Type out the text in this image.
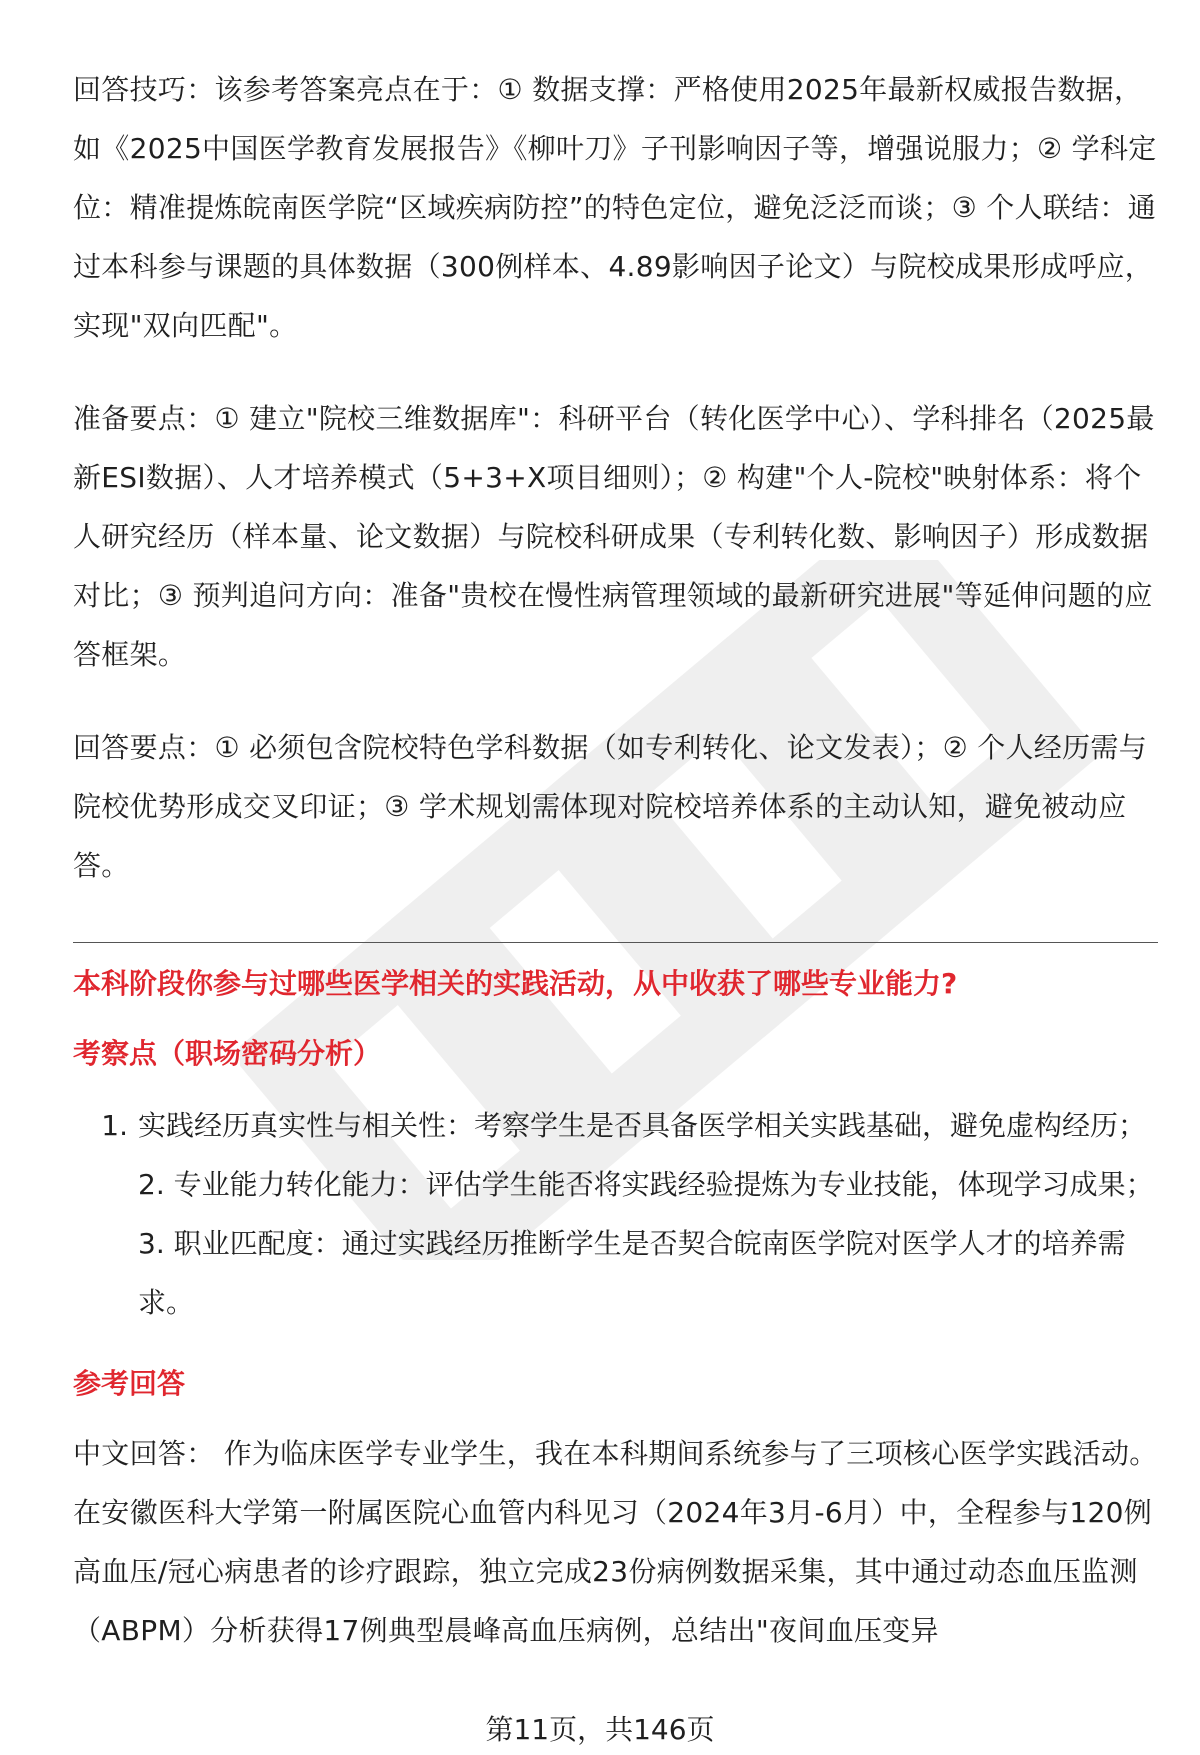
回答技巧：该参考答案亮点在于：① 数据支撑：严格使用2025年最新权威报告数据，如《2025中国医学教育发展报告》《柳叶刀》子刊影响因子等，增强说服力；② 学科定位：精准提炼皖南医学院“区域疾病防控”的特色定位，避免泛泛而谈；③ 个人联结：通过本科参与课题的具体数据（300例样本、4.89影响因子论文）与院校成果形成呼应，实现"双向匹配"。

准备要点：① 建立"院校三维数据库"：科研平台（转化医学中心）、学科排名（2025最新ESI数据）、人才培养模式（5+3+X项目细则）；② 构建"个人-院校"映射体系：将个人研究经历（样本量、论文数据）与院校科研成果（专利转化数、影响因子）形成数据对比；③ 预判追问方向：准备"贵校在慢性病管理领域的最新研究进展"等延伸问题的应答框架。

回答要点：① 必须包含院校特色学科数据（如专利转化、论文发表）；② 个人经历需与院校优势形成交叉印证；③ 学术规划需体现对院校培养体系的主动认知，避免被动应答。

本科阶段你参与过哪些医学相关的实践活动，从中收获了哪些专业能力?

考察点（职场密码分析）

1. 实践经历真实性与相关性：考察学生是否具备医学相关实践基础，避免虚构经历；2. 专业能力转化能力：评估学生能否将实践经验提炼为专业技能，体现学习成果；3. 职业匹配度：通过实践经历推断学生是否契合皖南医学院对医学人才的培养需求。

参考回答

中文回答： 作为临床医学专业学生，我在本科期间系统参与了三项核心医学实践活动。在安徽医科大学第一附属医院心血管内科见习（2024年3月-6月）中，全程参与120例高血压/冠心病患者的诊疗跟踪，独立完成23份病例数据采集，其中通过动态血压监测（ABPM）分析获得17例典型晨峰高血压病例，总结出"夜间血压变异

第11页，共146页
